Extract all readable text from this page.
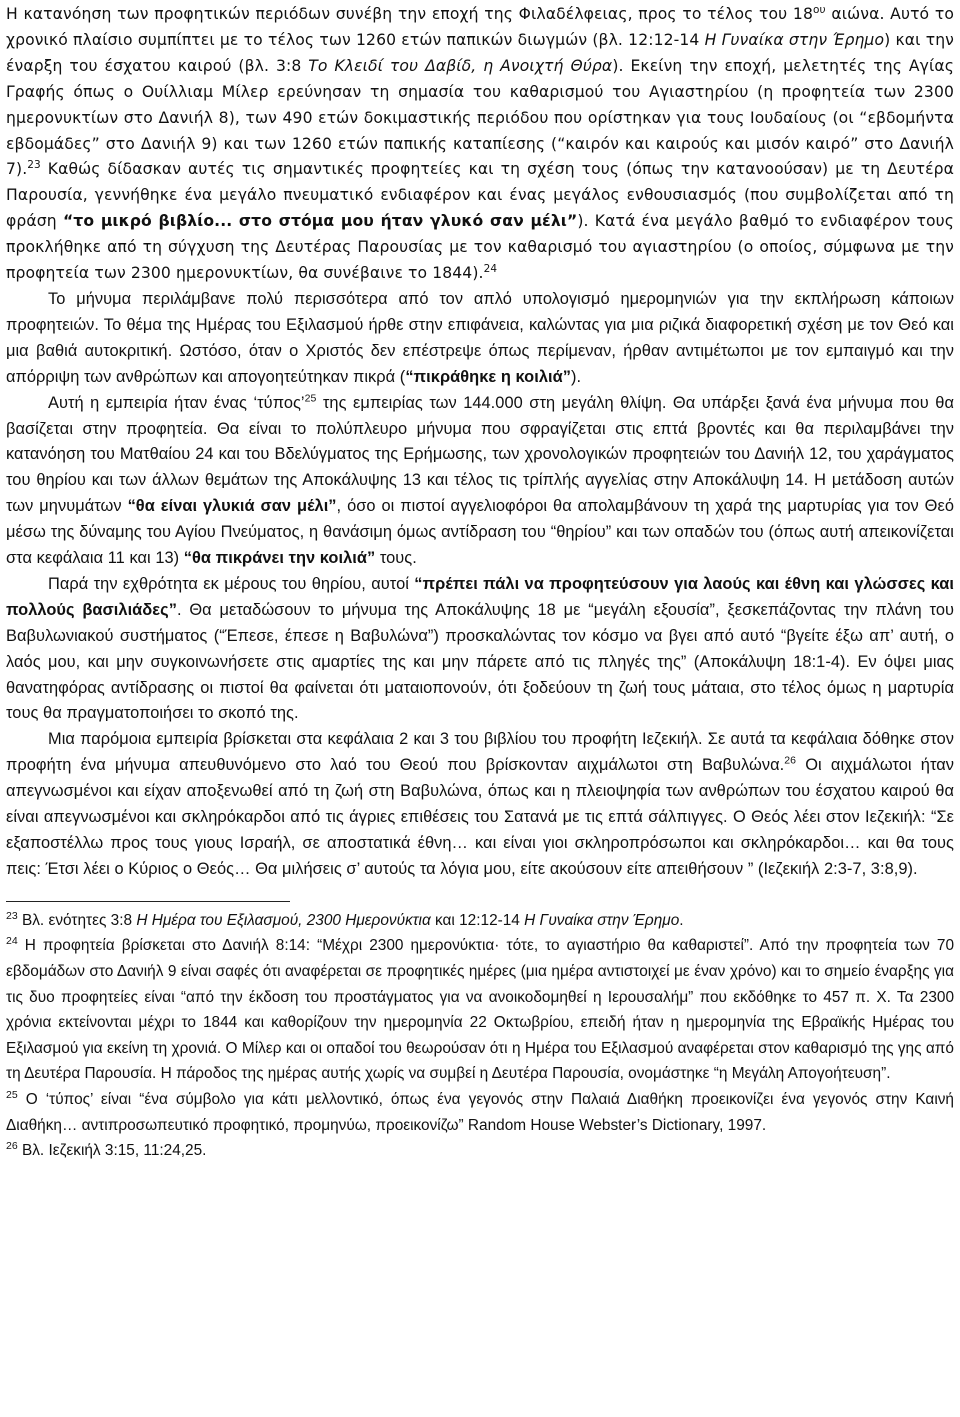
Η κατανόηση των προφητικών περιόδων συνέβη την εποχή της Φιλαδέλφειας, προς το τέλος του $18^{o\upsilon}$ αιώνα. Αυτό το χρονικό πλαίσιο συμπίπτει με το τέλος των 1260 ετών παπικών διωγμών (βλ. 12:12-14 Η Γυναίκα στην Έρημο) και την έναρξη του έσχατου καιρού (βλ. 3:8 Το Κλειδί του Δαβίδ, η Ανοιχτή Θύρα). Εκείνη την εποχή, μελετητές της Αγίας Γραφής όπως ο Ουίλλιαμ Μίλερ ερεύνησαν τη σημασία του καθαρισμού του Αγιαστηρίου (η προφητεία των 2300 ημερονυκτίων στο Δανιήλ 8), των 490 ετών δοκιμαστικής περιόδου που ορίστηκαν για τους Ιουδαίους (οι “εβδομήντα εβδομάδες” στο Δανιήλ 9) και των 1260 ετών παπικής καταπίεσης (“καιρόν και καιρούς και μισόν καιρό” στο Δανιήλ 7).$^{23}$ Καθώς δίδασκαν αυτές τις σημαντικές προφητείες και τη σχέση τους (όπως την κατανοούσαν) με τη Δευτέρα Παρουσία, γεννήθηκε ένα μεγάλο πνευματικό ενδιαφέρον και ένας μεγάλος ενθουσιασμός (που συμβολίζεται από τη φράση “το μικρό βιβλίο... στο στόμα μου ήταν γλυκό σαν μέλι”). Κατά ένα μεγάλο βαθμό το ενδιαφέρον τους προκλήθηκε από τη σύγχυση της Δευτέρας Παρουσίας με τον καθαρισμό του αγιαστηρίου (ο οποίος, σύμφωνα με την προφητεία των 2300 ημερονυκτίων, θα συνέβαινε το 1844).$^{24}$

Το μήνυμα περιλάμβανε πολύ περισσότερα από τον απλό υπολογισμό ημερομηνιών για την εκπλήρωση κάποιων προφητειών. Το θέμα της Ημέρας του Εξιλασμού ήρθε στην επιφάνεια, καλώντας για μια ριζικά διαφορετική σχέση με τον Θεό και μια βαθιά αυτοκριτική. Ωστόσο, όταν ο Χριστός δεν επέστρεψε όπως περίμεναν, ήρθαν αντιμέτωποι με τον εμπαιγμό και την απόρριψη των ανθρώπων και απογοητεύτηκαν πικρά (“πικράθηκε η κοιλιά”).

Αυτή η εμπειρία ήταν ένας ‘τύπος’$^{25}$ της εμπειρίας των 144.000 στη μεγάλη θλίψη. Θα υπάρξει ξανά ένα μήνυμα που θα βασίζεται στην προφητεία. Θα είναι το πολύπλευρο μήνυμα που σφραγίζεται στις επτά βροντές και θα περιλαμβάνει την κατανόηση του Ματθαίου 24 και του Βδελύγματος της Ερήμωσης, των χρονολογικών προφητειών του Δανιήλ 12, του χαράγματος του θηρίου και των άλλων θεμάτων της Αποκάλυψης 13 και τέλος τις τρίπλής αγγελίας στην Αποκάλυψη 14. Η μετάδοση αυτών των μηνυμάτων “θα είναι γλυκιά σαν μέλι”, όσο οι πιστοί αγγελιοφόροι θα απολαμβάνουν τη χαρά της μαρτυρίας για τον Θεό μέσω της δύναμης του Αγίου Πνεύματος, η θανάσιμη όμως αντίδραση του “θηρίου” και των οπαδών του (όπως αυτή απεικονίζεται στα κεφάλαια 11 και 13) “θα πικράνει την κοιλιά” τους.

Παρά την εχθρότητα εκ μέρους του θηρίου, αυτοί “πρέπει πάλι να προφητεύσουν για λαούς και έθνη και γλώσσες και πολλούς βασιλιάδες”. Θα μεταδώσουν το μήνυμα της Αποκάλυψης 18 με “μεγάλη εξουσία”, ξεσκεπάζοντας την πλάνη του Βαβυλωνιακού συστήματος (“Έπεσε, έπεσε η Βαβυλώνα”) προσκαλώντας τον κόσμο να βγει από αυτό “βγείτε έξω απ’ αυτή, ο λαός μου, και μην συγκοινωνήσετε στις αμαρτίες της και μην πάρετε από τις πληγές της” (Αποκάλυψη 18:1-4). Εν όψει μιας θανατηφόρας αντίδρασης οι πιστοί θα φαίνεται ότι ματαιοπονούν, ότι ξοδεύουν τη ζωή τους μάταια, στο τέλος όμως η μαρτυρία τους θα πραγματοποιήσει το σκοπό της.

Μια παρόμοια εμπειρία βρίσκεται στα κεφάλαια 2 και 3 του βιβλίου του προφήτη Ιεζεκιήλ. Σε αυτά τα κεφάλαια δόθηκε στον προφήτη ένα μήνυμα απευθυνόμενο στο λαό του Θεού που βρίσκονταν αιχμάλωτοι στη Βαβυλώνα.$^{26}$ Οι αιχμάλωτοι ήταν απεγνωσμένοι και είχαν αποξενωθεί από τη ζωή στη Βαβυλώνα, όπως και η πλειοψηφία των ανθρώπων του έσχατου καιρού θα είναι απεγνωσμένοι και σκληρόκαρδοι από τις άγριες επιθέσεις του Σατανά με τις επτά σάλπιγγες. Ο Θεός λέει στον Ιεζεκιήλ: “Σε εξαποστέλλω προς τους γιους Ισραήλ, σε αποστατικά έθνη… και είναι γιοι σκληροπρόσωποι και σκληρόκαρδοι… και θα τους πεις: Έτσι λέει ο Κύριος ο Θεός… Θα μιλήσεις σ’ αυτούς τα λόγια μου, είτε ακούσουν είτε απειθήσουν ” (Ιεζεκιήλ 2:3-7, 3:8,9).

$^{23}$ Βλ. ενότητες 3:8 Η Ημέρα του Εξιλασμού, 2300 Ημερονύκτια και 12:12-14 Η Γυναίκα στην Έρημο.

$^{24}$ Η προφητεία βρίσκεται στο Δανιήλ 8:14: “Μέχρι 2300 ημερονύκτια· τότε, το αγιαστήριο θα καθαριστεί”. Από την προφητεία των 70 εβδομάδων στο Δανιήλ 9 είναι σαφές ότι αναφέρεται σε προφητικές ημέρες (μια ημέρα αντιστοιχεί με έναν χρόνο) και το σημείο έναρξης για τις δυο προφητείες είναι “από την έκδοση του προστάγματος για να ανοικοδομηθεί η Ιερουσαλήμ” που εκδόθηκε το 457 π. Χ. Τα 2300 χρόνια εκτείνονται μέχρι το 1844 και καθορίζουν την ημερομηνία 22 Οκτωβρίου, επειδή ήταν η ημερομηνία της Εβραϊκής Ημέρας του Εξιλασμού για εκείνη τη χρονιά. Ο Μίλερ και οι οπαδοί του θεωρούσαν ότι η Ημέρα του Εξιλασμού αναφέρεται στον καθαρισμό της γης από τη Δευτέρα Παρουσία. Η πάροδος της ημέρας αυτής χωρίς να συμβεί η Δευτέρα Παρουσία, ονομάστηκε “η Μεγάλη Απογοήτευση”.

$^{25}$ Ο ‘τύπος’ είναι “ένα σύμβολο για κάτι μελλοντικό, όπως ένα γεγονός στην Παλαιά Διαθήκη προεικονίζει ένα γεγονός στην Καινή Διαθήκη… αντιπροσωπευτικό προφητικό, προμηνύω, προεικονίζω” Random House Webster’s Dictionary, 1997.

$^{26}$ Βλ. Ιεζεκιήλ 3:15, 11:24,25.
